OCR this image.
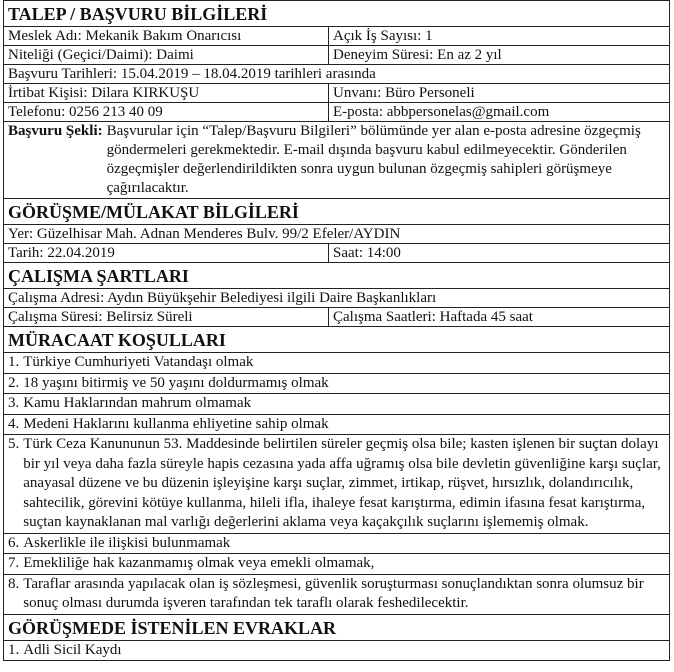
TALEP / BAŞVURU BİLGİLERİ	
Meslek Adı: Mekanik Bakım Onarıcısı	Açık İş Sayısı: 1
Niteliği (Geçici/Daimi): Daimi	Deneyim Süresi: En az 2 yıl
Başvuru Tarihleri: 15.04.2019 – 18.04.2019 tarihleri arasında	
İrtibat Kişisi: Dilara KIRKUŞU	Unvanı: Büro Personeli
Telefonu: 0256 213 40 09	E-posta: abbpersonelas@gmail.com

Başvuru Şekli: Başvurular için “Talep/Başvuru Bilgileri” bölümünde yer alan e-posta adresine özgeçmiş göndermeleri gerekmektedir. E-mail dışında başvuru kabul edilmeyecektir. Gönderilen özgeçmişler değerlendirildikten sonra uygun bulunan özgeçmiş sahipleri görüşmeye çağırılacaktır.	

GÖRÜŞME/MÜLAKAT BİLGİLERİ	
Yer: Güzelhisar Mah. Adnan Menderes Bulv. 99/2 Efeler/AYDIN	
Tarih: 22.04.2019	Saat: 14:00
ÇALIŞMA ŞARTLARI	
Çalışma Adresi: Aydın Büyükşehir Belediyesi ilgili Daire Başkanlıkları	
Çalışma Süresi: Belirsiz Süreli	Çalışma Saatleri: Haftada 45 saat
MÜRACAAT KOŞULLARI	

1. Türkiye Cumhuriyeti Vatandaşı olmak	

2. 18 yaşını bitirmiş ve 50 yaşını doldurmamış olmak	

3. Kamu Haklarından mahrum olmamak	

4. Medeni Haklarını kullanma ehliyetine sahip olmak	

5. Türk Ceza Kanununun 53. Maddesinde belirtilen süreler geçmiş olsa bile; kasten işlenen bir suçtan dolayı bir yıl veya daha fazla süreyle hapis cezasına yada affa uğramış olsa bile devletin güvenliğine karşı suçlar, anayasal düzene ve bu düzenin işleyişine karşı suçlar, zimmet, irtikap, rüşvet, hırsızlık, dolandırıcılık, sahtecilik, görevini kötüye kullanma, hileli ifla, ihaleye fesat karıştırma, edimin ifasına fesat karıştırma, suçtan kaynaklanan mal varlığı değerlerini aklama veya kaçakçılık suçlarını işlememiş olmak.	

6. Askerlikle ile ilişkisi bulunmamak	

7. Emekliliğe hak kazanmamış olmak veya emekli olmamak,	

8. Taraflar arasında yapılacak olan iş sözleşmesi, güvenlik soruşturması sonuçlandıktan sonra olumsuz bir sonuç olması durumda işveren tarafından tek taraflı olarak feshedilecektir.	

GÖRÜŞMEDE İSTENİLEN EVRAKLAR	

1. Adli Sicil Kaydı	
